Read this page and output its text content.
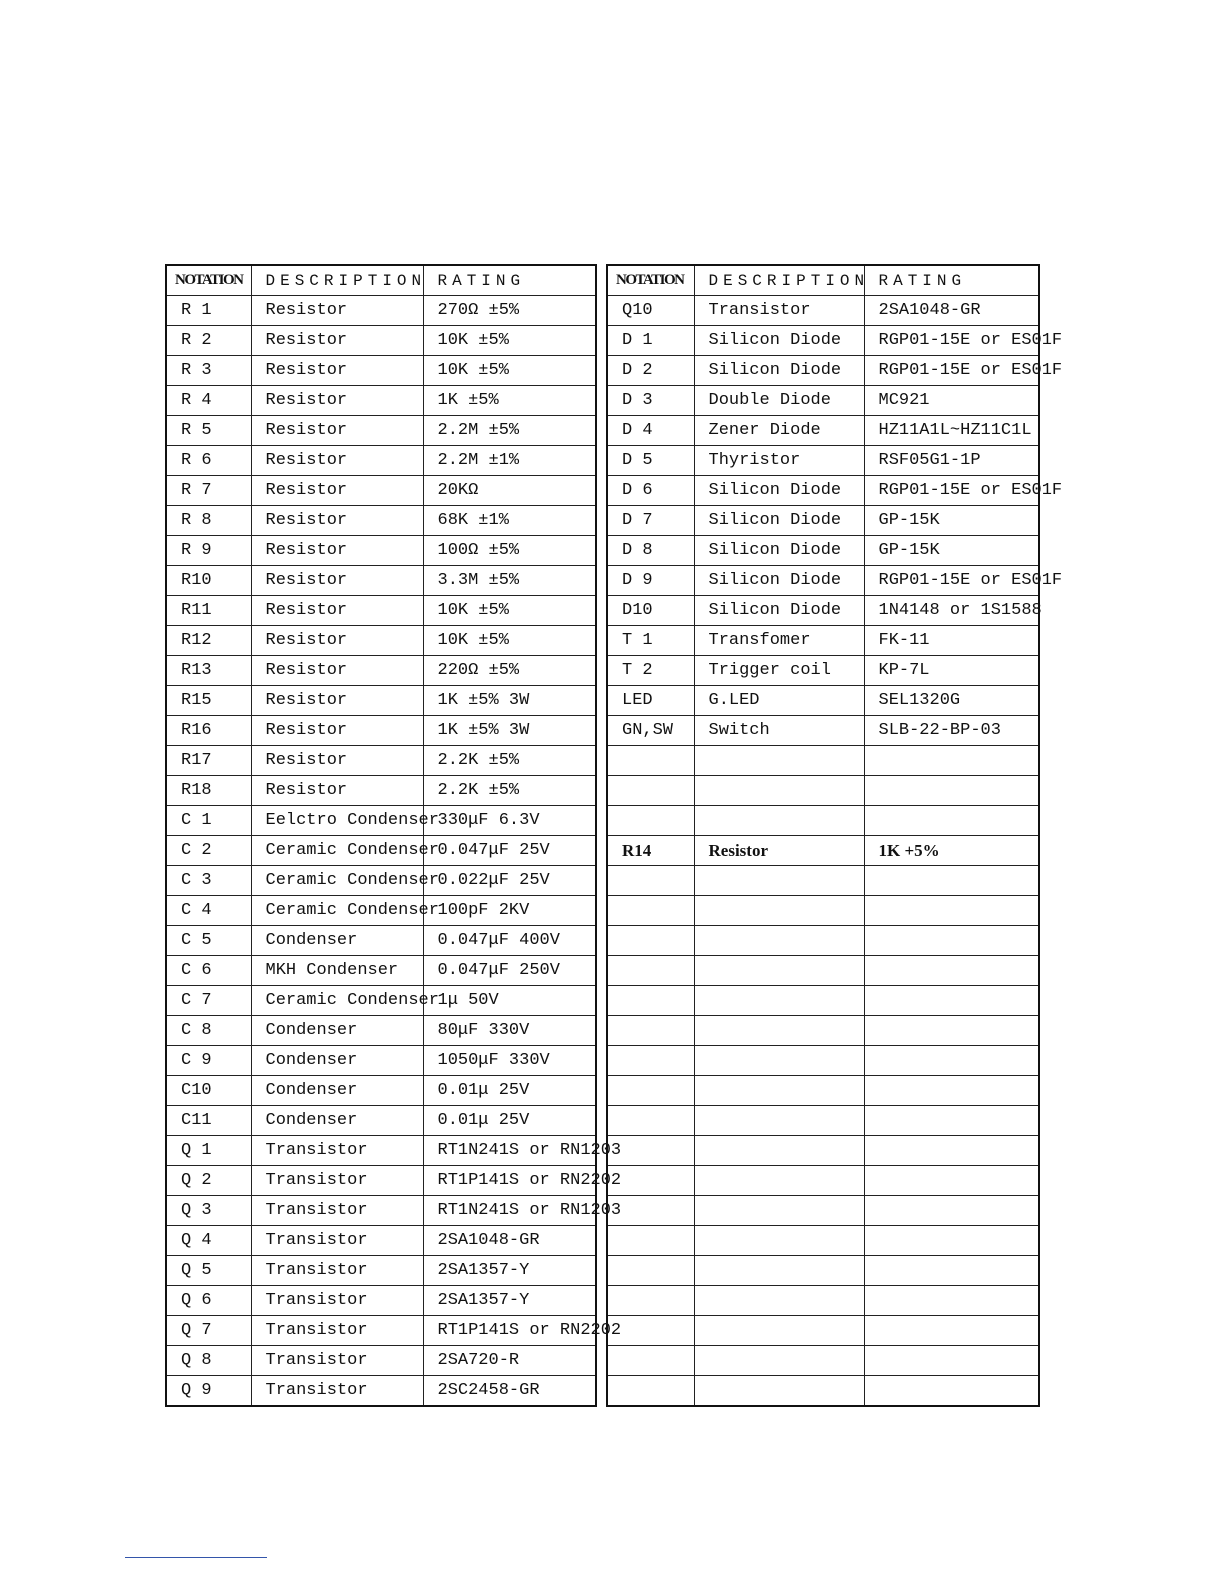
NOTATION	DESCRIPTION	RATING
R 1	Resistor	270Ω ±5%
R 2	Resistor	10K ±5%
R 3	Resistor	10K ±5%
R 4	Resistor	1K ±5%
R 5	Resistor	2.2M ±5%
R 6	Resistor	2.2M ±1%
R 7	Resistor	20KΩ
R 8	Resistor	68K ±1%
R 9	Resistor	100Ω ±5%
R10	Resistor	3.3M ±5%
R11	Resistor	10K ±5%
R12	Resistor	10K ±5%
R13	Resistor	220Ω ±5%
R15	Resistor	1K ±5% 3W
R16	Resistor	1K ±5% 3W
R17	Resistor	2.2K ±5%
R18	Resistor	2.2K ±5%
C 1	Eelctro Condenser	330μF 6.3V
C 2	Ceramic Condenser	0.047μF 25V
C 3	Ceramic Condenser	0.022μF 25V
C 4	Ceramic Condenser	100pF 2KV
C 5	Condenser	0.047μF 400V
C 6	MKH Condenser	0.047μF 250V
C 7	Ceramic Condenser	1μ 50V
C 8	Condenser	80μF 330V
C 9	Condenser	1050μF 330V
C10	Condenser	0.01μ 25V
C11	Condenser	0.01μ 25V
Q 1	Transistor	RT1N241S or RN1203
Q 2	Transistor	RT1P141S or RN2202
Q 3	Transistor	RT1N241S or RN1203
Q 4	Transistor	2SA1048-GR
Q 5	Transistor	2SA1357-Y
Q 6	Transistor	2SA1357-Y
Q 7	Transistor	RT1P141S or RN2202
Q 8	Transistor	2SA720-R
Q 9	Transistor	2SC2458-GR
NOTATION	DESCRIPTION	RATING
Q10	Transistor	2SA1048-GR
D 1	Silicon Diode	RGP01-15E or ES01F
D 2	Silicon Diode	RGP01-15E or ES01F
D 3	Double Diode	MC921
D 4	Zener Diode	HZ11A1L~HZ11C1L
D 5	Thyristor	RSF05G1-1P
D 6	Silicon Diode	RGP01-15E or ES01F
D 7	Silicon Diode	GP-15K
D 8	Silicon Diode	GP-15K
D 9	Silicon Diode	RGP01-15E or ES01F
D10	Silicon Diode	1N4148 or 1S1588
T 1	Transfomer	FK-11
T 2	Trigger coil	KP-7L
LED	G.LED	SEL1320G
GN,SW	Switch	SLB-22-BP-03

R14	Resistor	1K +5%
